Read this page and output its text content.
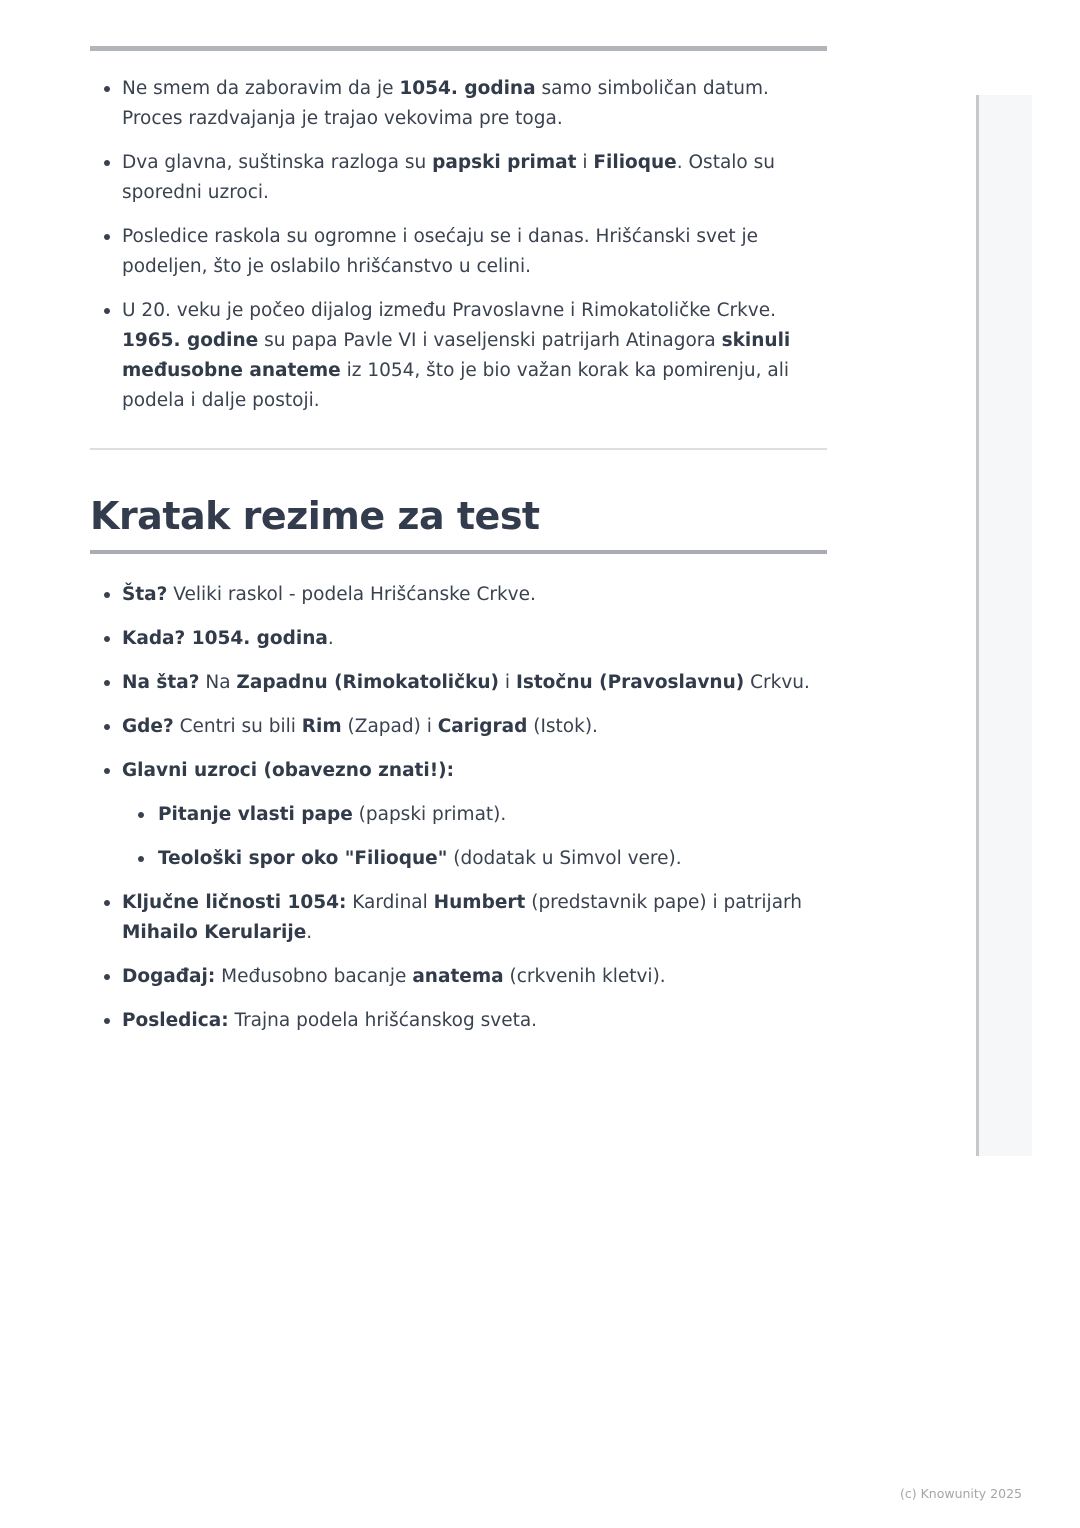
Ne smem da zaboravim da je 1054. godina samo simboličan datum. Proces razdvajanja je trajao vekovima pre toga.
Dva glavna, suštinska razloga su papski primat i Filioque. Ostalo su sporedni uzroci.
Posledice raskola su ogromne i osećaju se i danas. Hrišćanski svet je podeljen, što je oslabilo hrišćanstvo u celini.
U 20. veku je počeo dijalog između Pravoslavne i Rimokatoličke Crkve. 1965. godine su papa Pavle VI i vaseljenski patrijarh Atinagora skinuli međusobne anateme iz 1054, što je bio važan korak ka pomirenju, ali podela i dalje postoji.
Kratak rezime za test
Šta? Veliki raskol - podela Hrišćanske Crkve.
Kada? 1054. godina.
Na šta? Na Zapadnu (Rimokatoličku) i Istočnu (Pravoslavnu) Crkvu.
Gde? Centri su bili Rim (Zapad) i Carigrad (Istok).
Glavni uzroci (obavezno znati!):
Pitanje vlasti pape (papski primat).
Teološki spor oko "Filioque" (dodatak u Simvol vere).
Ključne ličnosti 1054: Kardinal Humbert (predstavnik pape) i patrijarh Mihailo Kerularije.
Događaj: Međusobno bacanje anatema (crkvenih kletvi).
Posledica: Trajna podela hrišćanskog sveta.
(c) Knowunity 2025
